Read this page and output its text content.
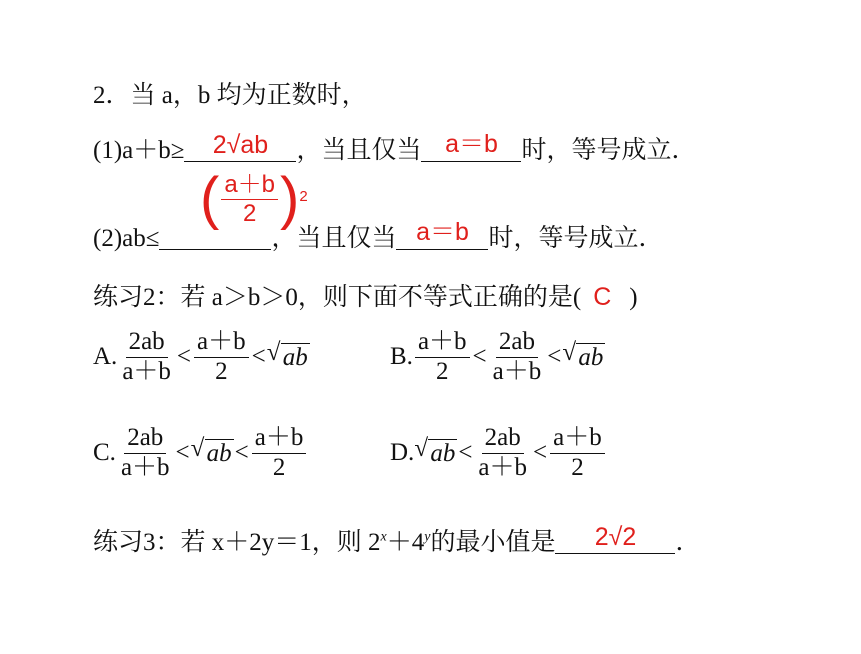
2．当 a，b 均为正数时，
(1)a＋b≥	2√ab	，当且仅当 a＝b 时，等号成立．
( $\frac{a+b}{2}$ ) 2
(2)ab≤	，当且仅当 a＝b 时，等号成立．
练习2：若 a＞b＞0，则下面不等式正确的是( C )
A. $\frac{2ab}{a+b} < \frac{a+b}{2}$ < √ ab	B. $\frac{a+b}{2} < \frac{2ab}{a+b}$ < √ ab
C. $\frac{2ab}{a+b}$ < √ ab < $\frac{a+b}{2}$	D. √ ab < $\frac{2ab}{a+b} < \frac{a+b}{2}$
练习3：若 x＋2y＝1，则 $2^x+4^y$的最小值是	2√2	．
